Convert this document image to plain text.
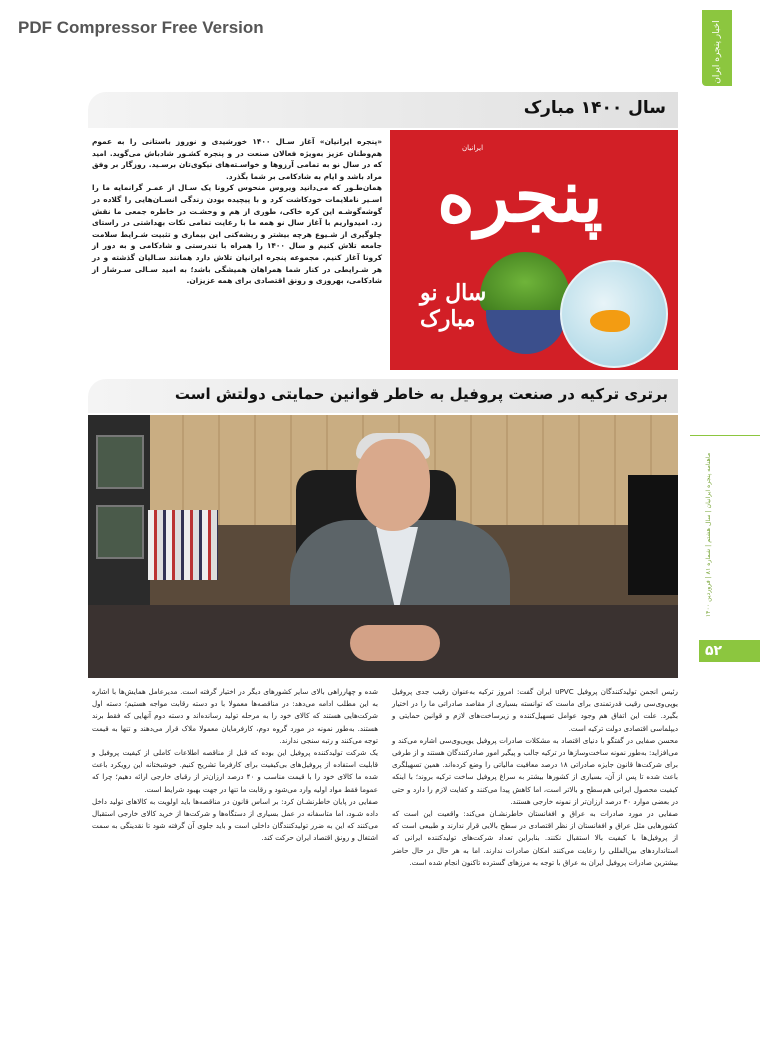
PDF Compressor Free Version	اخبار پنجره ایران
سال ۱۴۰۰ مبارک

«پنجره ایرانیان» آغاز سـال ۱۴۰۰ خورشیدی و نوروز باستانی را به عموم هم‌وطنان عزیز به‌ویژه فعالان صنعت در و پنجره کشـور شادباش می‌گوید. امید که در سال نو به تمامی آرزوها و خواسـته‌های نیکوی‌تان برسـید. روزگار بر وفق مراد باشد و ایام به شادکامی بر شما بگذرد.

همان‌طـور که می‌دانید ویروس منحوس کرونا یک سـال از عمـر گرانمایه ما را اسـیر ناملایمات خودکاشت کرد و با پیچیده‌ بودن زندگی انسـان‌هایی را گلاده در گوشه‌گوشـه این کره خاکی، طوری از هم و وحشـت در خاطره جمعی ما نقش زد. امیدواریم با آغاز سال نو همه ما با رعایت تمامی نکات بهداشتی در راستای چلوگیری از شـیوع هرچه بیشتر و ریشه‌کنی این بیماری و تثبیت شـرایط سلامت جامعه تلاش کنیم و سال ۱۴۰۰ را همراه با تندرستی و شادکامی و به دور از کرونا آغاز کنیم. مجموعه پنجره ایرانیان تلاش دارد همانند سـالیان گذشته و در هر شـرایطی در کنار شما همراهان همیشگی باشد؛ به امید سـالی سـرشار از شادکامی، بهروزی و رونق اقتصادی برای همه عزیزان.

پنجره
ایرانیان
سال نو مبارک
برتری ترکیه در صنعت پروفیل به خاطر قوانین حمایتی دولتش است

رئیس انجمن تولیدکنندگان پروفیل uPVC ایران گفت: امروز ترکیه به‌عنوان رقیب جدی پروفیل یوپی‌وی‌سی رقیب قدرتمندی برای ماست که توانسته بسیاری از مقاصد صادراتی ما را در اختیار بگیرد. علت این اتفاق هم وجود عوامل تسهیل‌کننده و زیرساخت‌های لازم و قوانین حمایتی و دیپلماسی اقتصادی دولت ترکیه است.

محسن صفایی در گفتگو با دنیای اقتصاد به مشکلات صادرات پروفیل یوپی‌وی‌سی اشاره می‌کند و می‌افزاید: به‌طور نمونه ساخت‌وسازها در ترکیه جالب و پیگیر امور صادرکنندگان هستند و از طرفی برای شرکت‌ها قانون جایزه صادراتی ۱۸ درصد معافیت مالیاتی را وضع کرده‌اند. همین تسهیلگری باعث شده تا پس از آن، بسیاری از کشورها بیشتر به سراغ پروفیل ساخت ترکیه بروند؛ با اینکه کیفیت محصول ایرانی هم‌سطح و بالاتر است، اما کاهش پیدا می‌کنند و کفایت لازم را دارد و حتی در بعضی موارد ۳۰ درصد ارزان‌تر از نمونه خارجی هستند.

صفایی در مورد صادرات به عراق و افغانستان خاطرنشـان می‌کند: واقعیت این است که کشورهایی مثل عراق و افغانستان از نظر اقتصادی در سطح بالایی قرار ندارند و طبیعی است که از پروفیل‌ها با کیفیت بالا استقبال نکنند. بنابراین تعداد شرکت‌های تولیدکننده ایرانی که استانداردهای بین‌المللی را رعایت می‌کنند امکان صادرات ندارند. اما به هر حال در حال حاضر بیشترین صادرات پروفیل ایران به عراق با توجه به مرزهای گسترده تاکنون انجام شده است.

شده و چهارراهی بالای سایر کشورهای دیگر در اختیار گرفته است. مدیرعامل همایش‌ها با اشاره به این مطلب ادامه می‌دهد: در مناقصه‌ها معمولا با دو دسته رقابت مواجه هستیم؛ دسته اول شرکت‌هایی هستند که کالای خود را به مرحله تولید رسانده‌اند و دسته دوم آنهایی که فقط برند هستند. به‌طور نمونه در مورد گروه دوم، کارفرمایان معمولا ملاک قرار می‌دهند و تنها به قیمت توجه می‌کنند و رتبه سنجی ندارند.

یک شرکت تولیدکننده پروفیل این بوده که قبل از مناقصه اطلاعات کاملی از کیفیت پروفیل و قابلیت استفاده از پروفیل‌های بی‌کیفیت برای کارفرما تشریح کنیم. خوشبختانه این رویکرد باعث شده ما کالای خود را با قیمت مناسب و ۴۰ درصد ارزان‌تر از رقبای خارجی ارائه دهیم؛ چرا که عموما فقط مواد اولیه وارد می‌شود و رقابت ما تنها در جهت بهبود شرایط است.

صفایی در پایان خاطرنشـان کرد: بر اساس قانون در مناقصه‌ها باید اولویت به کالاهای تولید داخل داده شـود، اما متاسفانه در عمل بسیاری از دستگاه‌ها و شرکت‌ها از خرید کالای خارجی استقبال می‌کنند که این به ضرر تولیدکنندگان داخلی است و باید جلوی آن گرفته شود تا نقدینگی به سمت اشتغال و رونق اقتصاد ایران حرکت کند.

ماهنامه پنجره ایرانیان | سال هشتم | شماره ۸۱ | فروردین ۱۴۰۰
۵۲
